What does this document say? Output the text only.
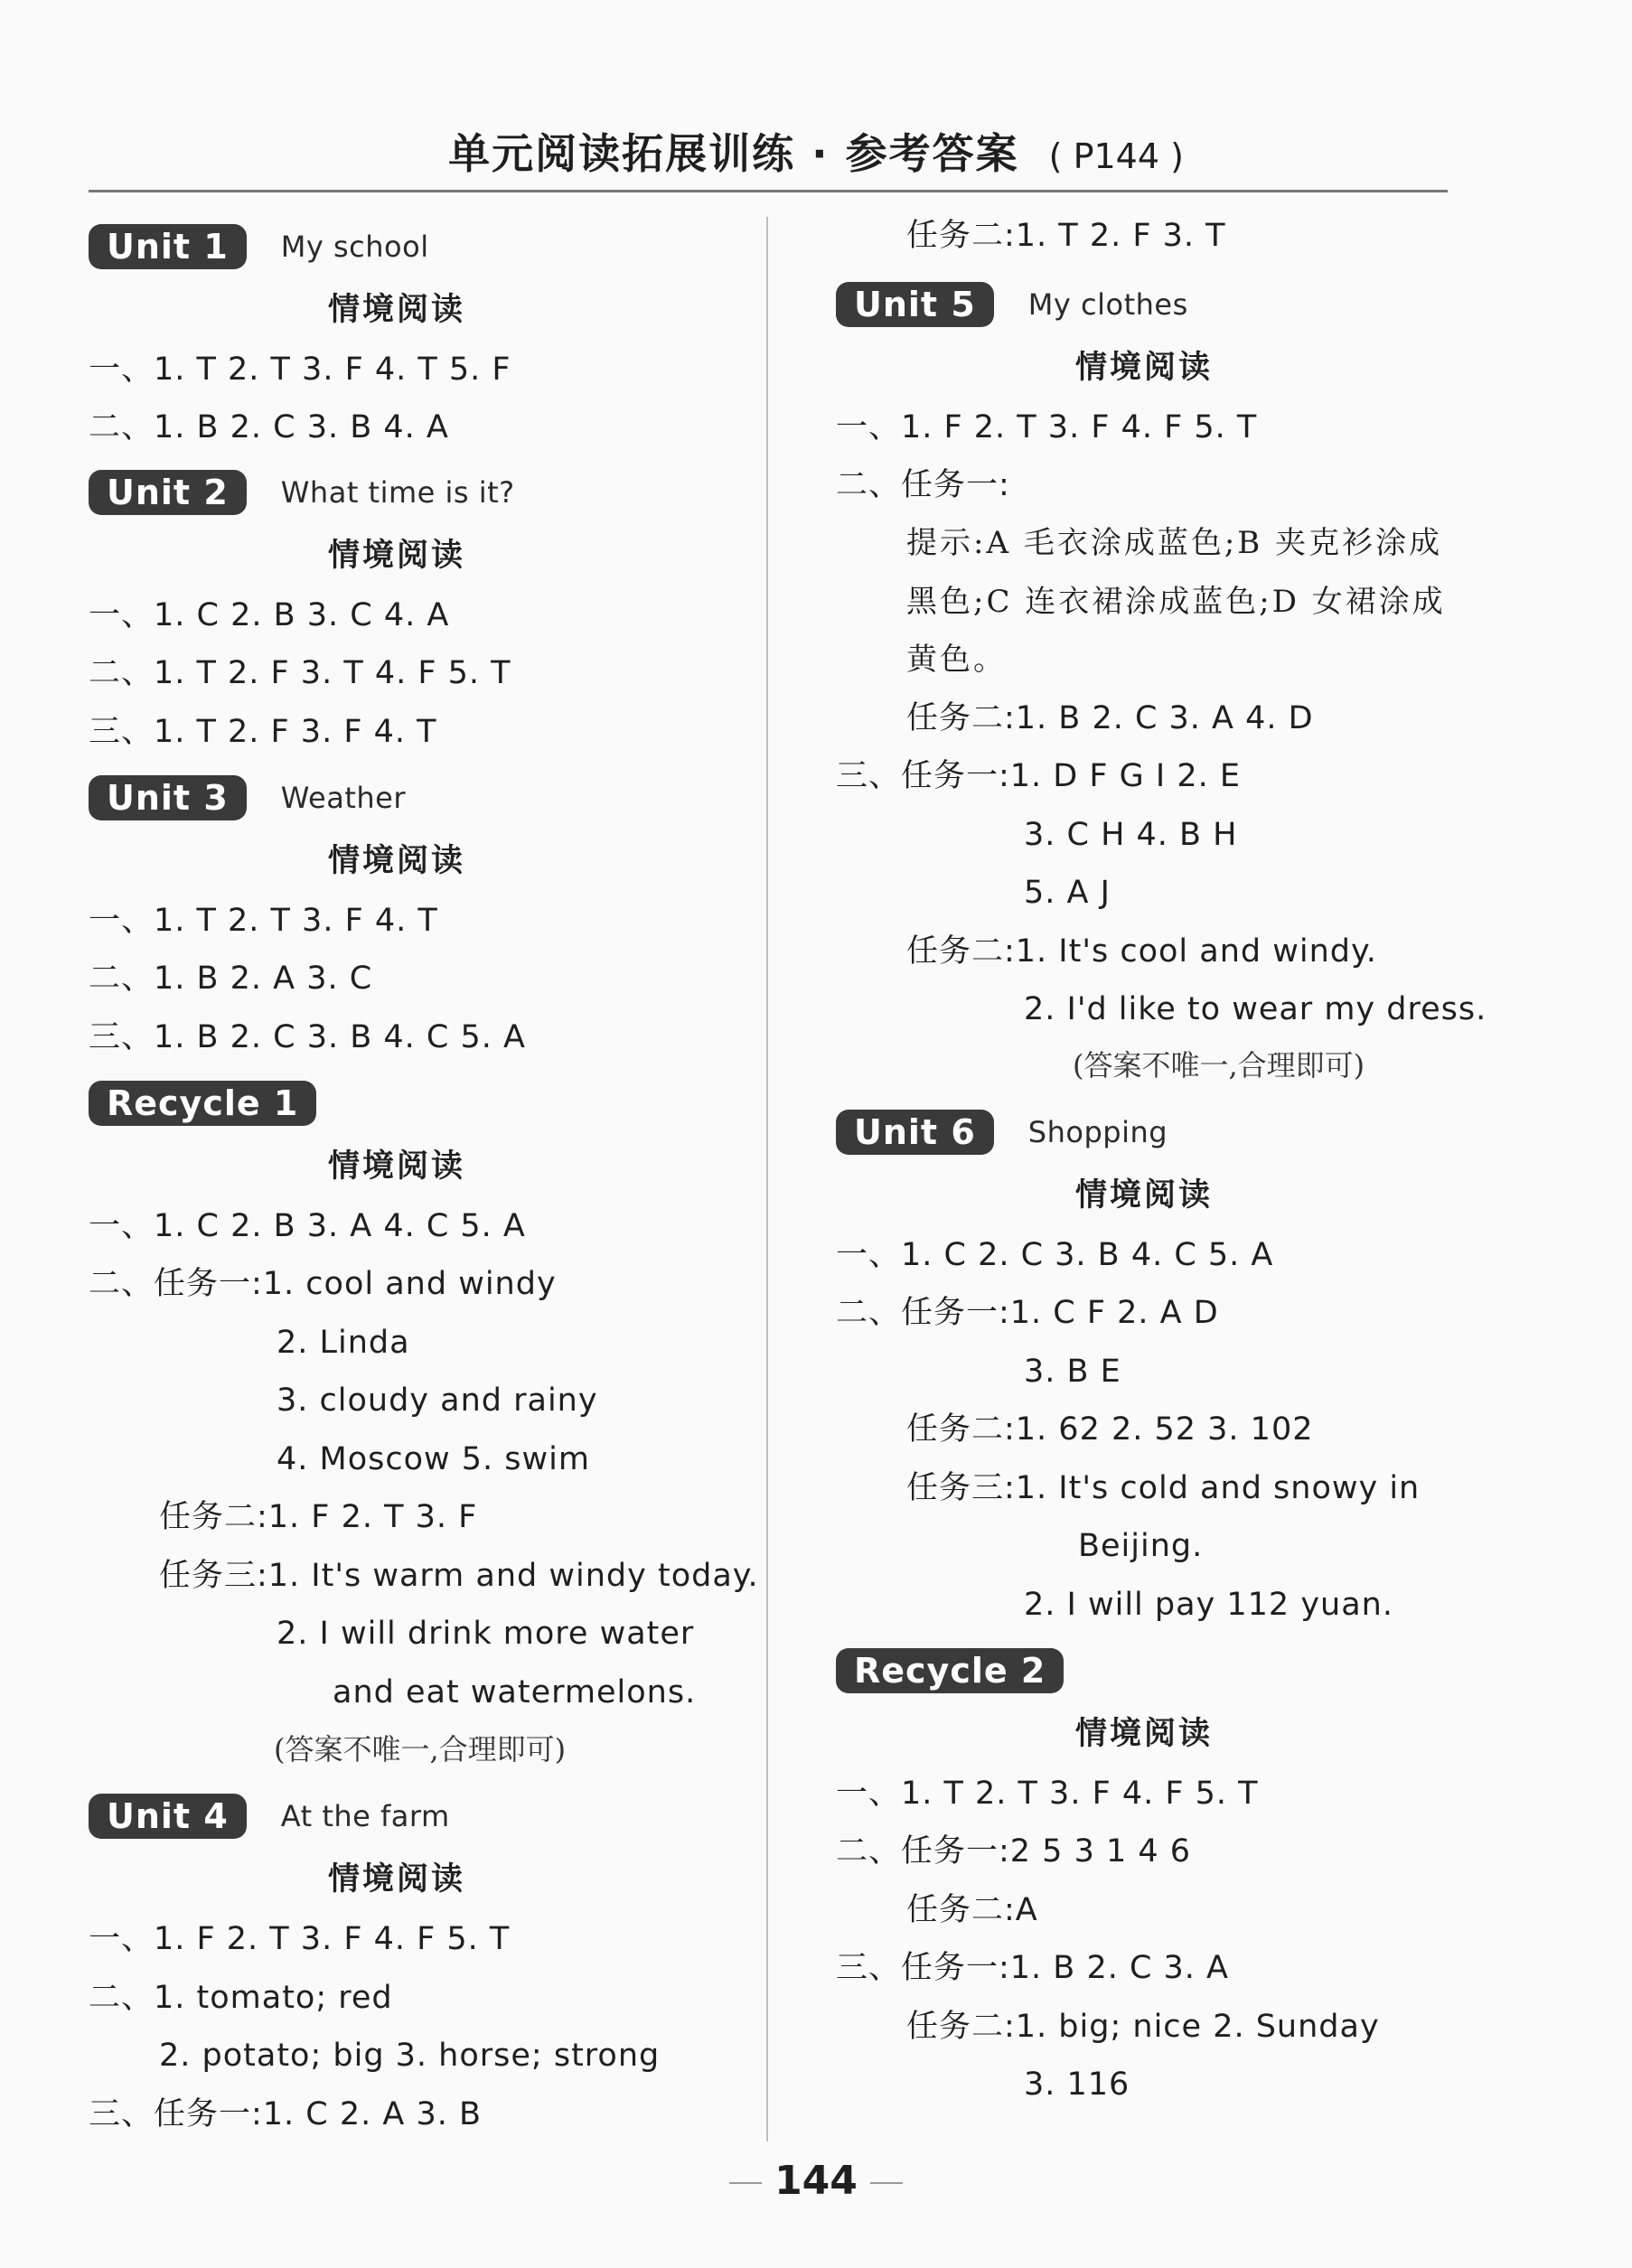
单元阅读拓展训练 · 参考答案 ( P144 )
Unit 1	My school
情境阅读
一、1. T 2. T 3. F 4. T 5. F
二、1. B 2. C 3. B 4. A
Unit 2	What time is it?
情境阅读
一、1. C 2. B 3. C 4. A
二、1. T 2. F 3. T 4. F 5. T
三、1. T 2. F 3. F 4. T
Unit 3	Weather
情境阅读
一、1. T 2. T 3. F 4. T
二、1. B 2. A 3. C
三、1. B 2. C 3. B 4. C 5. A
Recycle 1
情境阅读
一、1. C 2. B 3. A 4. C 5. A
二、任务一:1. cool and windy
2. Linda
3. cloudy and rainy
4. Moscow 5. swim
任务二:1. F 2. T 3. F
任务三:1. It's warm and windy today.
2. I will drink more water
and eat watermelons.
(答案不唯一,合理即可)
Unit 4	At the farm
情境阅读
一、1. F 2. T 3. F 4. F 5. T
二、1. tomato; red
2. potato; big 3. horse; strong
三、任务一:1. C 2. A 3. B
任务二:1. T 2. F 3. T
Unit 5	My clothes
情境阅读
一、1. F 2. T 3. F 4. F 5. T
二、任务一:
提示:A 毛衣涂成蓝色;B 夹克衫涂成
黑色;C 连衣裙涂成蓝色;D 女裙涂成
黄色。
任务二:1. B 2. C 3. A 4. D
三、任务一:1. D F G I 2. E
3. C H 4. B H
5. A J
任务二:1. It's cool and windy.
2. I'd like to wear my dress.
(答案不唯一,合理即可)
Unit 6	Shopping
情境阅读
一、1. C 2. C 3. B 4. C 5. A
二、任务一:1. C F 2. A D
3. B E
任务二:1. 62 2. 52 3. 102
任务三:1. It's cold and snowy in
Beijing.
2. I will pay 112 yuan.
Recycle 2
情境阅读
一、1. T 2. T 3. F 4. F 5. T
二、任务一:2 5 3 1 4 6
任务二:A
三、任务一:1. B 2. C 3. A
任务二:1. big; nice 2. Sunday
3. 116
144
